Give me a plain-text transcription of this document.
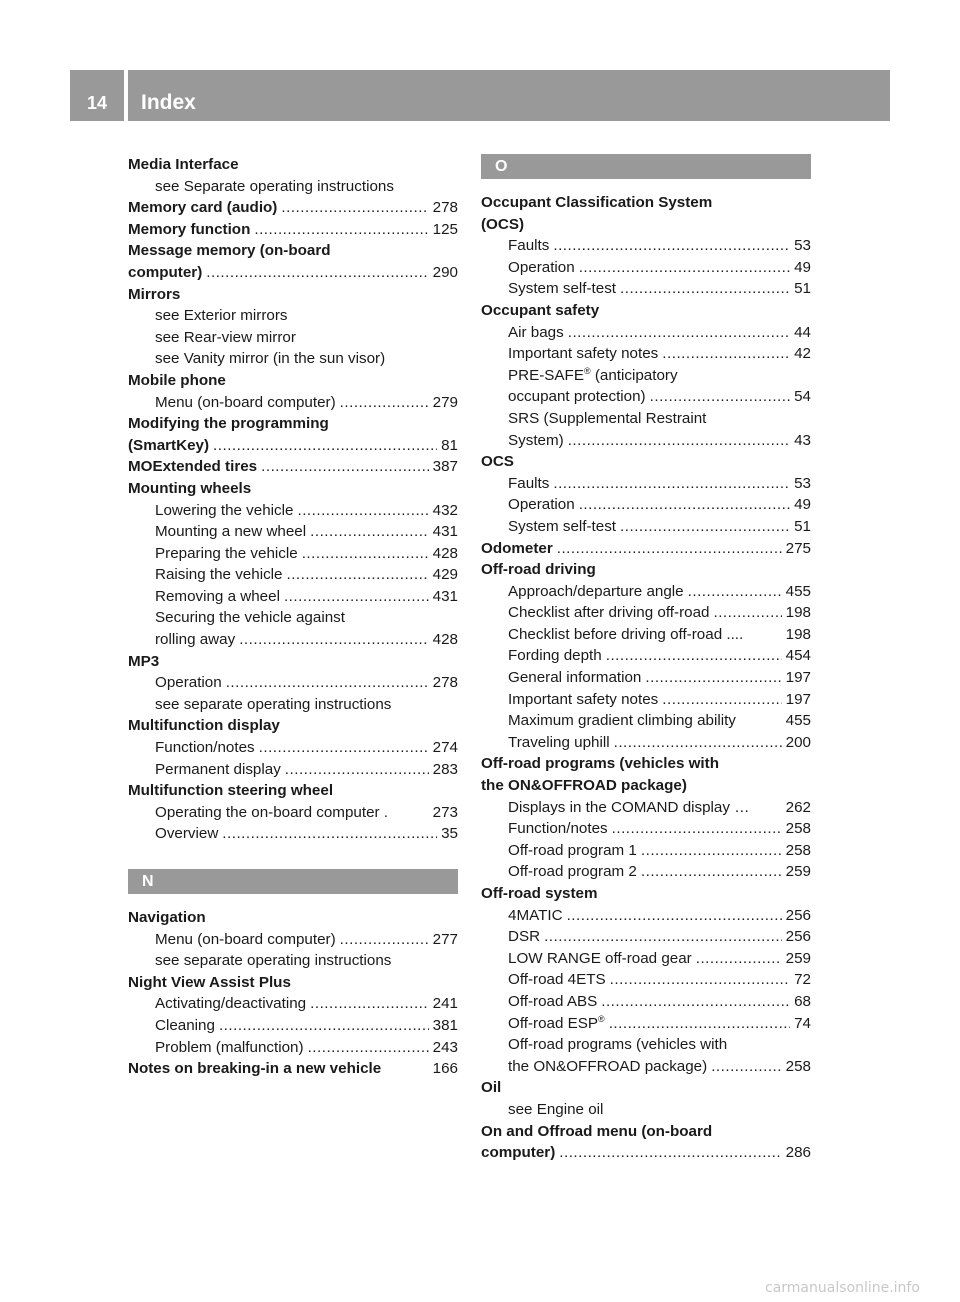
14	Index
Media Interface
see Separate operating instructions
Memory card (audio) .....	278
Memory function .....	125
Message memory (on-board
computer) .....	290
Mirrors
see Exterior mirrors
see Rear-view mirror
see Vanity mirror (in the sun visor)
Mobile phone
Menu (on-board computer) .....	279
Modifying the programming
(SmartKey) .....	81
MOExtended tires .....	387
Mounting wheels
Lowering the vehicle .....	432
Mounting a new wheel .....	431
Preparing the vehicle .....	428
Raising the vehicle .....	429
Removing a wheel .....	431
Securing the vehicle against
rolling away .....	428
MP3
Operation .....	278
see separate operating instructions
Multifunction display
Function/notes .....	274
Permanent display .....	283
Multifunction steering wheel
Operating the on-board computer .	273
Overview .....	35
N
Navigation
Menu (on-board computer) .....	277
see separate operating instructions
Night View Assist Plus
Activating/deactivating .....	241
Cleaning .....	381
Problem (malfunction) .....	243
Notes on breaking-in a new vehicle	166
O
Occupant Classification System
(OCS)
Faults .....	53
Operation .....	49
System self-test .....	51
Occupant safety
Air bags .....	44
Important safety notes .....	42
PRE-SAFE® (anticipatory
occupant protection) .....	54
SRS (Supplemental Restraint
System) .....	43
OCS
Faults .....	53
Operation .....	49
System self-test .....	51
Odometer .....	275
Off-road driving
Approach/departure angle .....	455
Checklist after driving off-road .....	198
Checklist before driving off-road ....	198
Fording depth .....	454
General information .....	197
Important safety notes .....	197
Maximum gradient climbing ability	455
Traveling uphill .....	200
Off-road programs (vehicles with
the ON&OFFROAD package)
Displays in the COMAND display … 262
Function/notes .....	258
Off-road program 1 .....	258
Off-road program 2 .....	259
Off-road system
4MATIC .....	256
DSR .....	256
LOW RANGE off-road gear .....	259
Off-road 4ETS .....	72
Off-road ABS .....	68
Off-road ESP® .....	74
Off-road programs (vehicles with
the ON&OFFROAD package) .....	258
Oil
see Engine oil
On and Offroad menu (on-board
computer) .....	286
carmanualsonline.info
